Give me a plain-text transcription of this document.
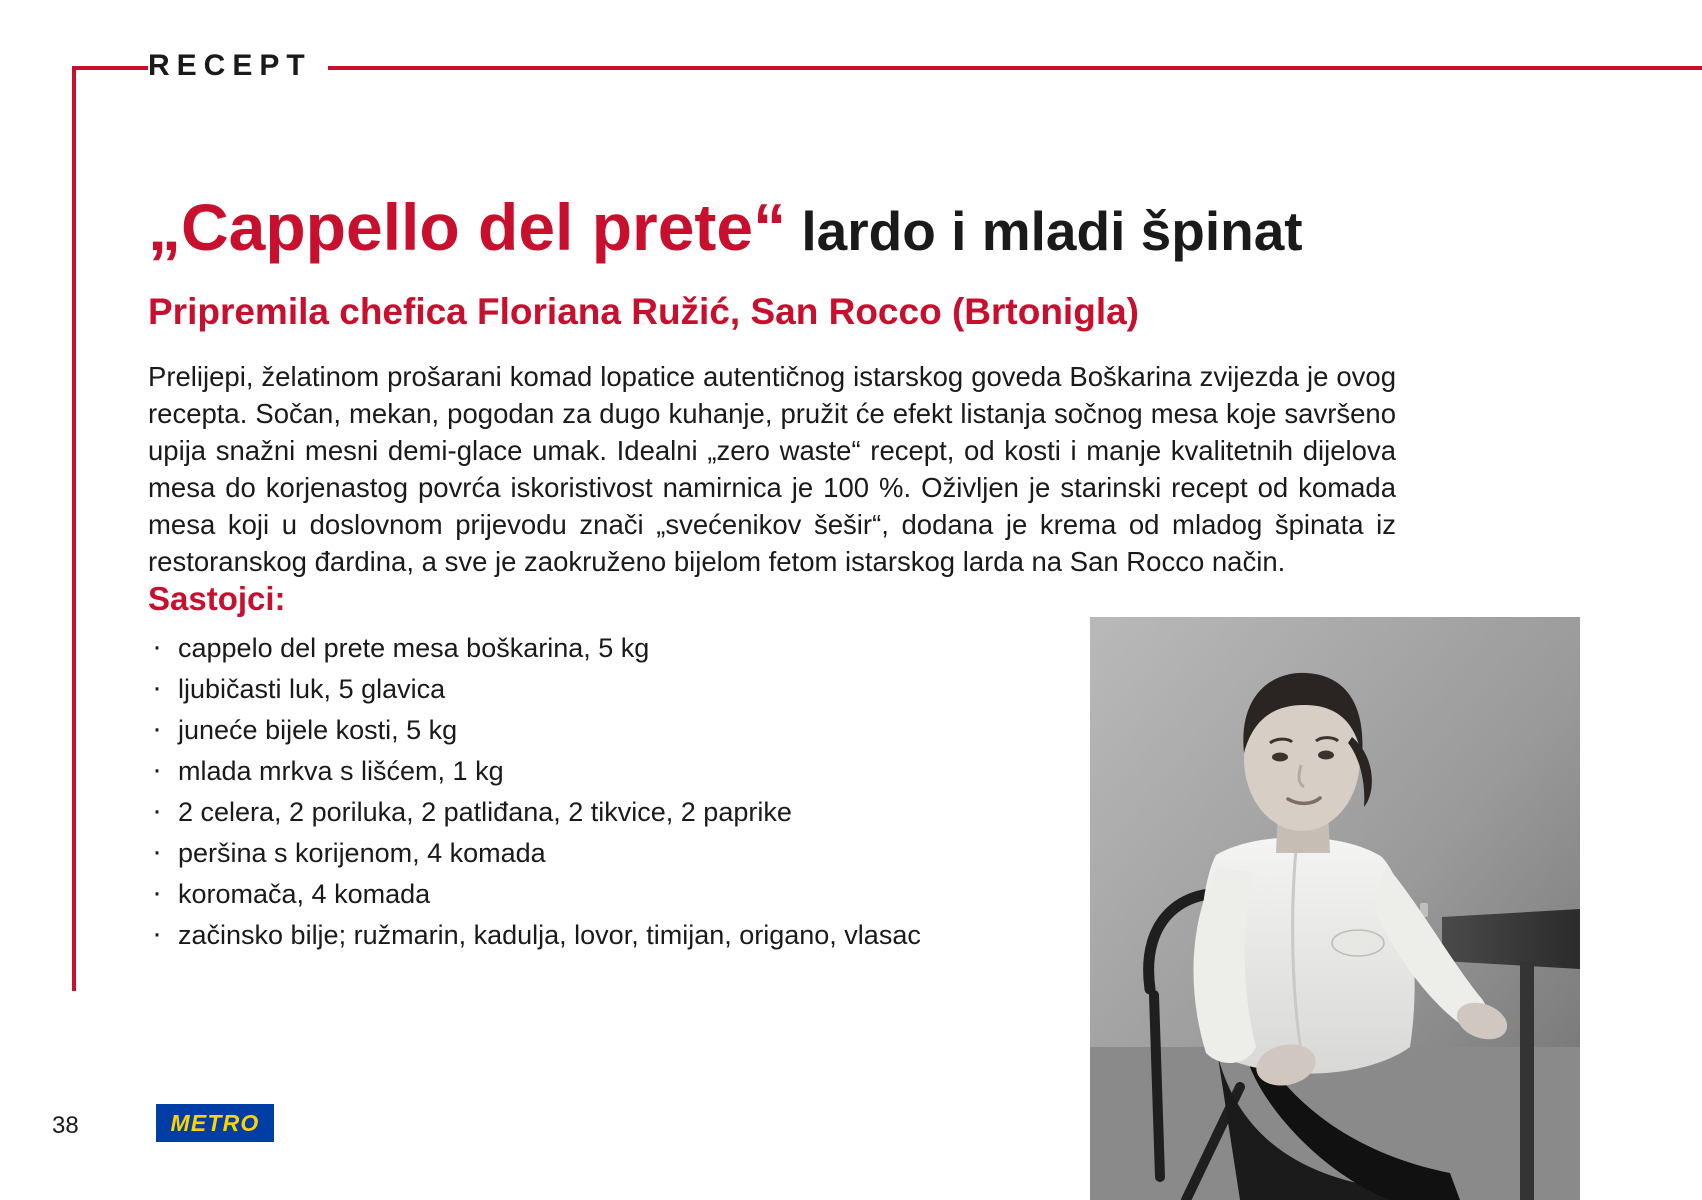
RECEPT
„Cappello del prete“ lardo i mladi špinat
Pripremila chefica Floriana Ružić, San Rocco (Brtonigla)

Prelijepi, želatinom prošarani komad lopatice autentičnog istarskog goveda Boškarina zvijezda je ovog recepta. Sočan, mekan, pogodan za dugo kuhanje, pružit će efekt listanja sočnog mesa koje savršeno upija snažni mesni demi-glace umak. Idealni „zero waste“ recept, od kosti i manje kvalitetnih dijelova mesa do korjenastog povrća iskoristivost namirnica je 100 %. Oživljen je starinski recept od komada mesa koji u doslovnom prijevodu znači „svećenikov šešir“, dodana je krema od mladog špinata iz restoranskog đardina, a sve je zaokruženo bijelom fetom istarskog larda na San Rocco način.

Sastojci:
· cappelo del prete mesa boškarina, 5 kg
· ljubičasti luk, 5 glavica
· juneće bijele kosti, 5 kg
· mlada mrkva s lišćem, 1 kg
· 2 celera, 2 poriluka, 2 patliđana, 2 tikvice, 2 paprike
· peršina s korijenom, 4 komada
· koromača, 4 komada
· začinsko bilje; ružmarin, kadulja, lovor, timijan, origano, vlasac
38	METRO
